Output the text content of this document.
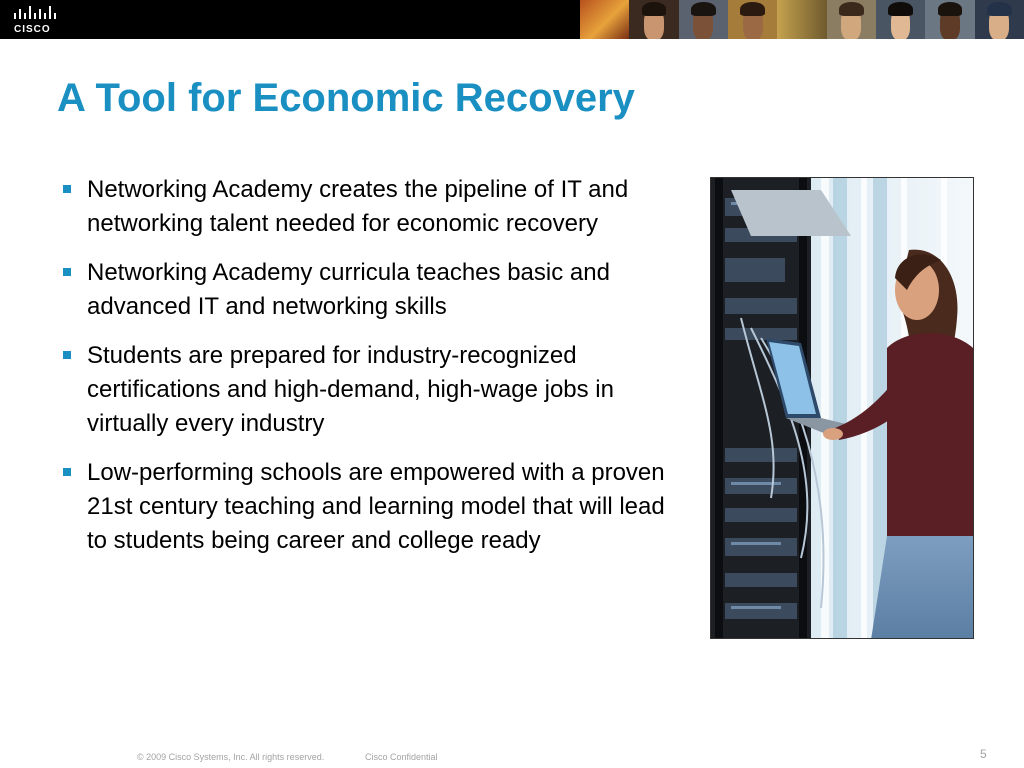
CISCO
A Tool for Economic Recovery
Networking Academy creates the pipeline of IT and networking talent needed for economic recovery
Networking Academy curricula teaches basic and advanced IT and networking skills
Students are prepared for industry-recognized certifications and high-demand, high-wage jobs in virtually every industry
Low-performing schools are empowered with a proven 21st century teaching and learning model that will lead to students being career and college ready
© 2009 Cisco Systems, Inc. All rights reserved.	Cisco Confidential	5
